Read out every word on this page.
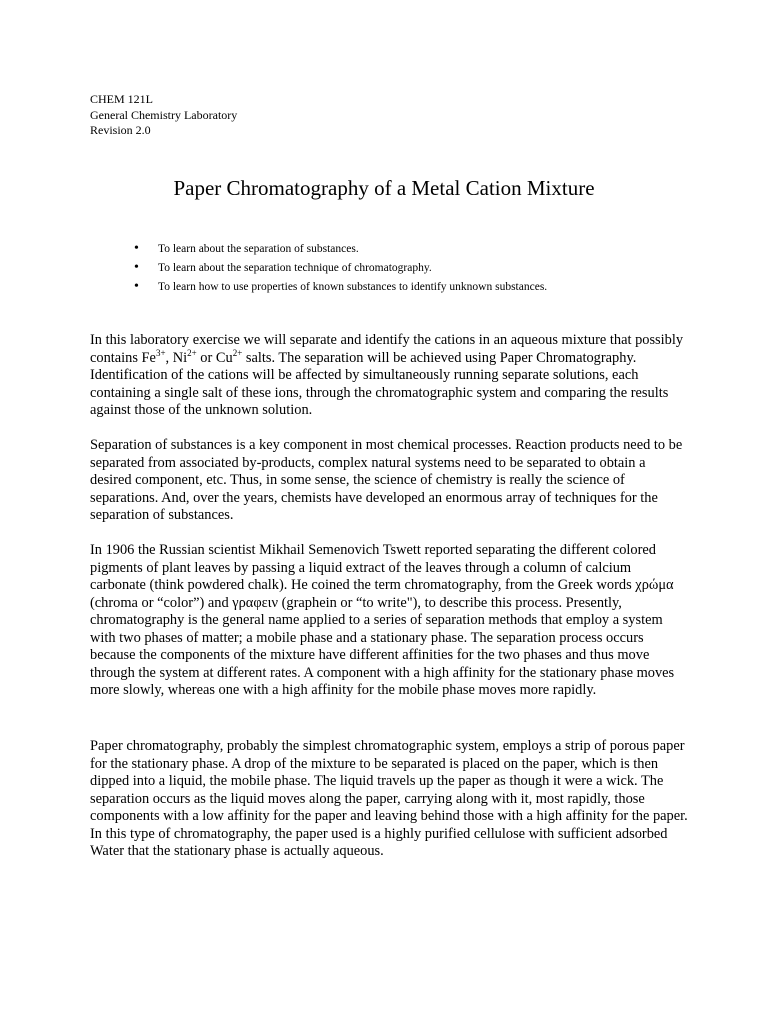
CHEM 121L
General Chemistry Laboratory
Revision 2.0
Paper Chromatography of a Metal Cation Mixture
• To learn about the separation of substances.
• To learn about the separation technique of chromatography.
• To learn how to use properties of known substances to identify unknown substances.

In this laboratory exercise we will separate and identify the cations in an aqueous mixture that possibly contains $Fe^{3+}$, $Ni^{2+}$ or $Cu^{2+}$ salts. The separation will be achieved using Paper Chromatography. Identification of the cations will be affected by simultaneously running separate solutions, each containing a single salt of these ions, through the chromatographic system and comparing the results against those of the unknown solution.

Separation of substances is a key component in most chemical processes. Reaction products need to be separated from associated by-products, complex natural systems need to be separated to obtain a desired component, etc. Thus, in some sense, the science of chemistry is really the science of separations. And, over the years, chemists have developed an enormous array of techniques for the separation of substances.

In 1906 the Russian scientist Mikhail Semenovich Tswett reported separating the different colored pigments of plant leaves by passing a liquid extract of the leaves through a column of calcium carbonate (think powdered chalk). He coined the term chromatography, from the Greek words χρώμα (chroma or “color”) and γραφειν (graphein or “to write"), to describe this process. Presently, chromatography is the general name applied to a series of separation methods that employ a system with two phases of matter; a mobile phase and a stationary phase. The separation process occurs because the components of the mixture have different affinities for the two phases and thus move through the system at different rates. A component with a high affinity for the stationary phase moves more slowly, whereas one with a high affinity for the mobile phase moves more rapidly.

Paper chromatography, probably the simplest chromatographic system, employs a strip of porous paper for the stationary phase. A drop of the mixture to be separated is placed on the paper, which is then dipped into a liquid, the mobile phase. The liquid travels up the paper as though it were a wick. The separation occurs as the liquid moves along the paper, carrying along with it, most rapidly, those components with a low affinity for the paper and leaving behind those with a high affinity for the paper. In this type of chromatography, the paper used is a highly purified cellulose with sufficient adsorbed Water that the stationary phase is actually aqueous.
